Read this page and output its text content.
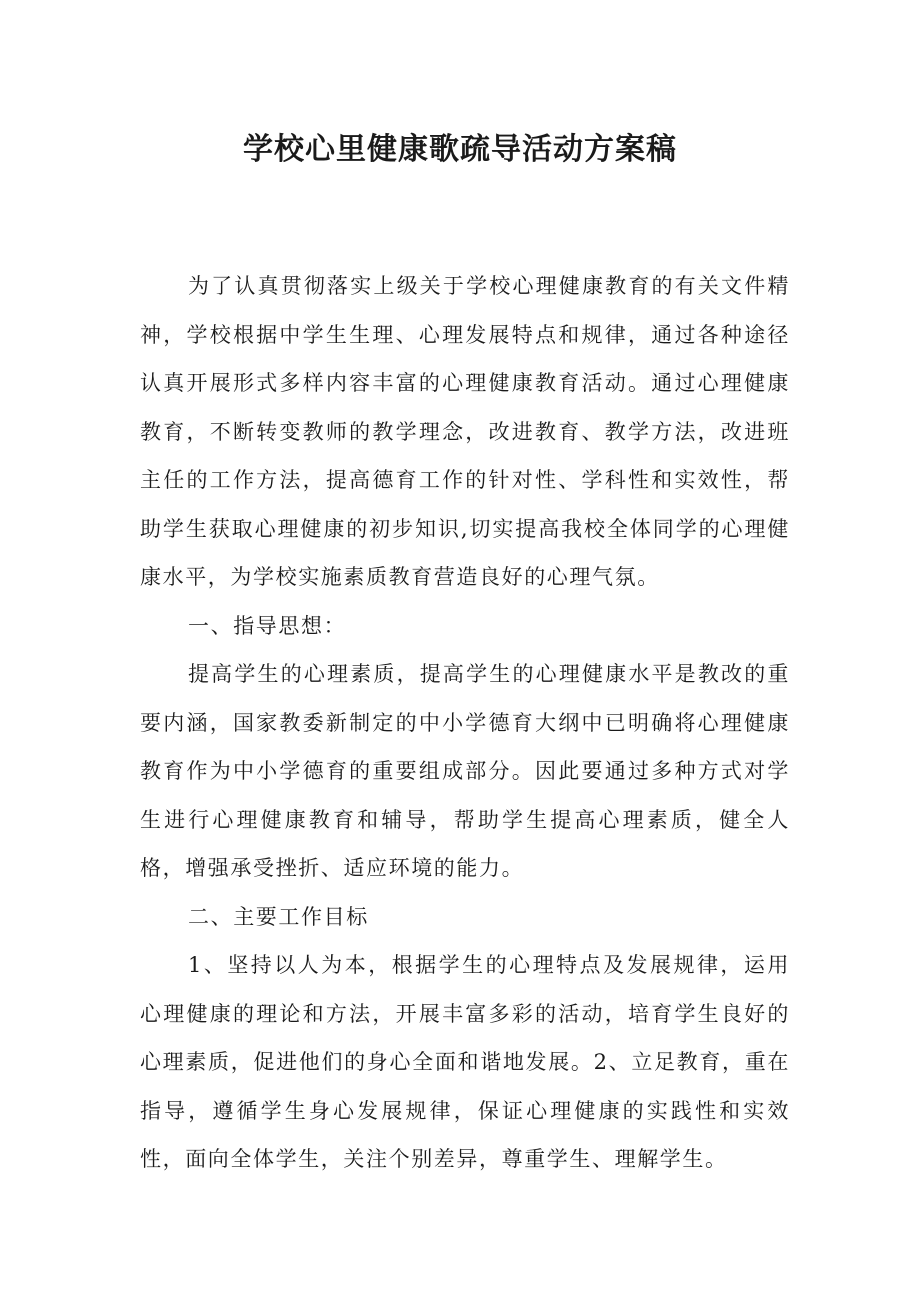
学校心里健康歌疏导活动方案稿

为了认真贯彻落实上级关于学校心理健康教育的有关文件精神，学校根据中学生生理、心理发展特点和规律，通过各种途径认真开展形式多样内容丰富的心理健康教育活动。通过心理健康教育，不断转变教师的教学理念，改进教育、教学方法，改进班主任的工作方法，提高德育工作的针对性、学科性和实效性，帮助学生获取心理健康的初步知识,切实提高我校全体同学的心理健康水平，为学校实施素质教育营造良好的心理气氛。

一、指导思想：

提高学生的心理素质，提高学生的心理健康水平是教改的重要内涵，国家教委新制定的中小学德育大纲中已明确将心理健康教育作为中小学德育的重要组成部分。因此要通过多种方式对学生进行心理健康教育和辅导，帮助学生提高心理素质，健全人格，增强承受挫折、适应环境的能力。

二、主要工作目标

1、坚持以人为本，根据学生的心理特点及发展规律，运用心理健康的理论和方法，开展丰富多彩的活动，培育学生良好的心理素质，促进他们的身心全面和谐地发展。2、立足教育，重在指导，遵循学生身心发展规律，保证心理健康的实践性和实效性，面向全体学生，关注个别差异，尊重学生、理解学生。
